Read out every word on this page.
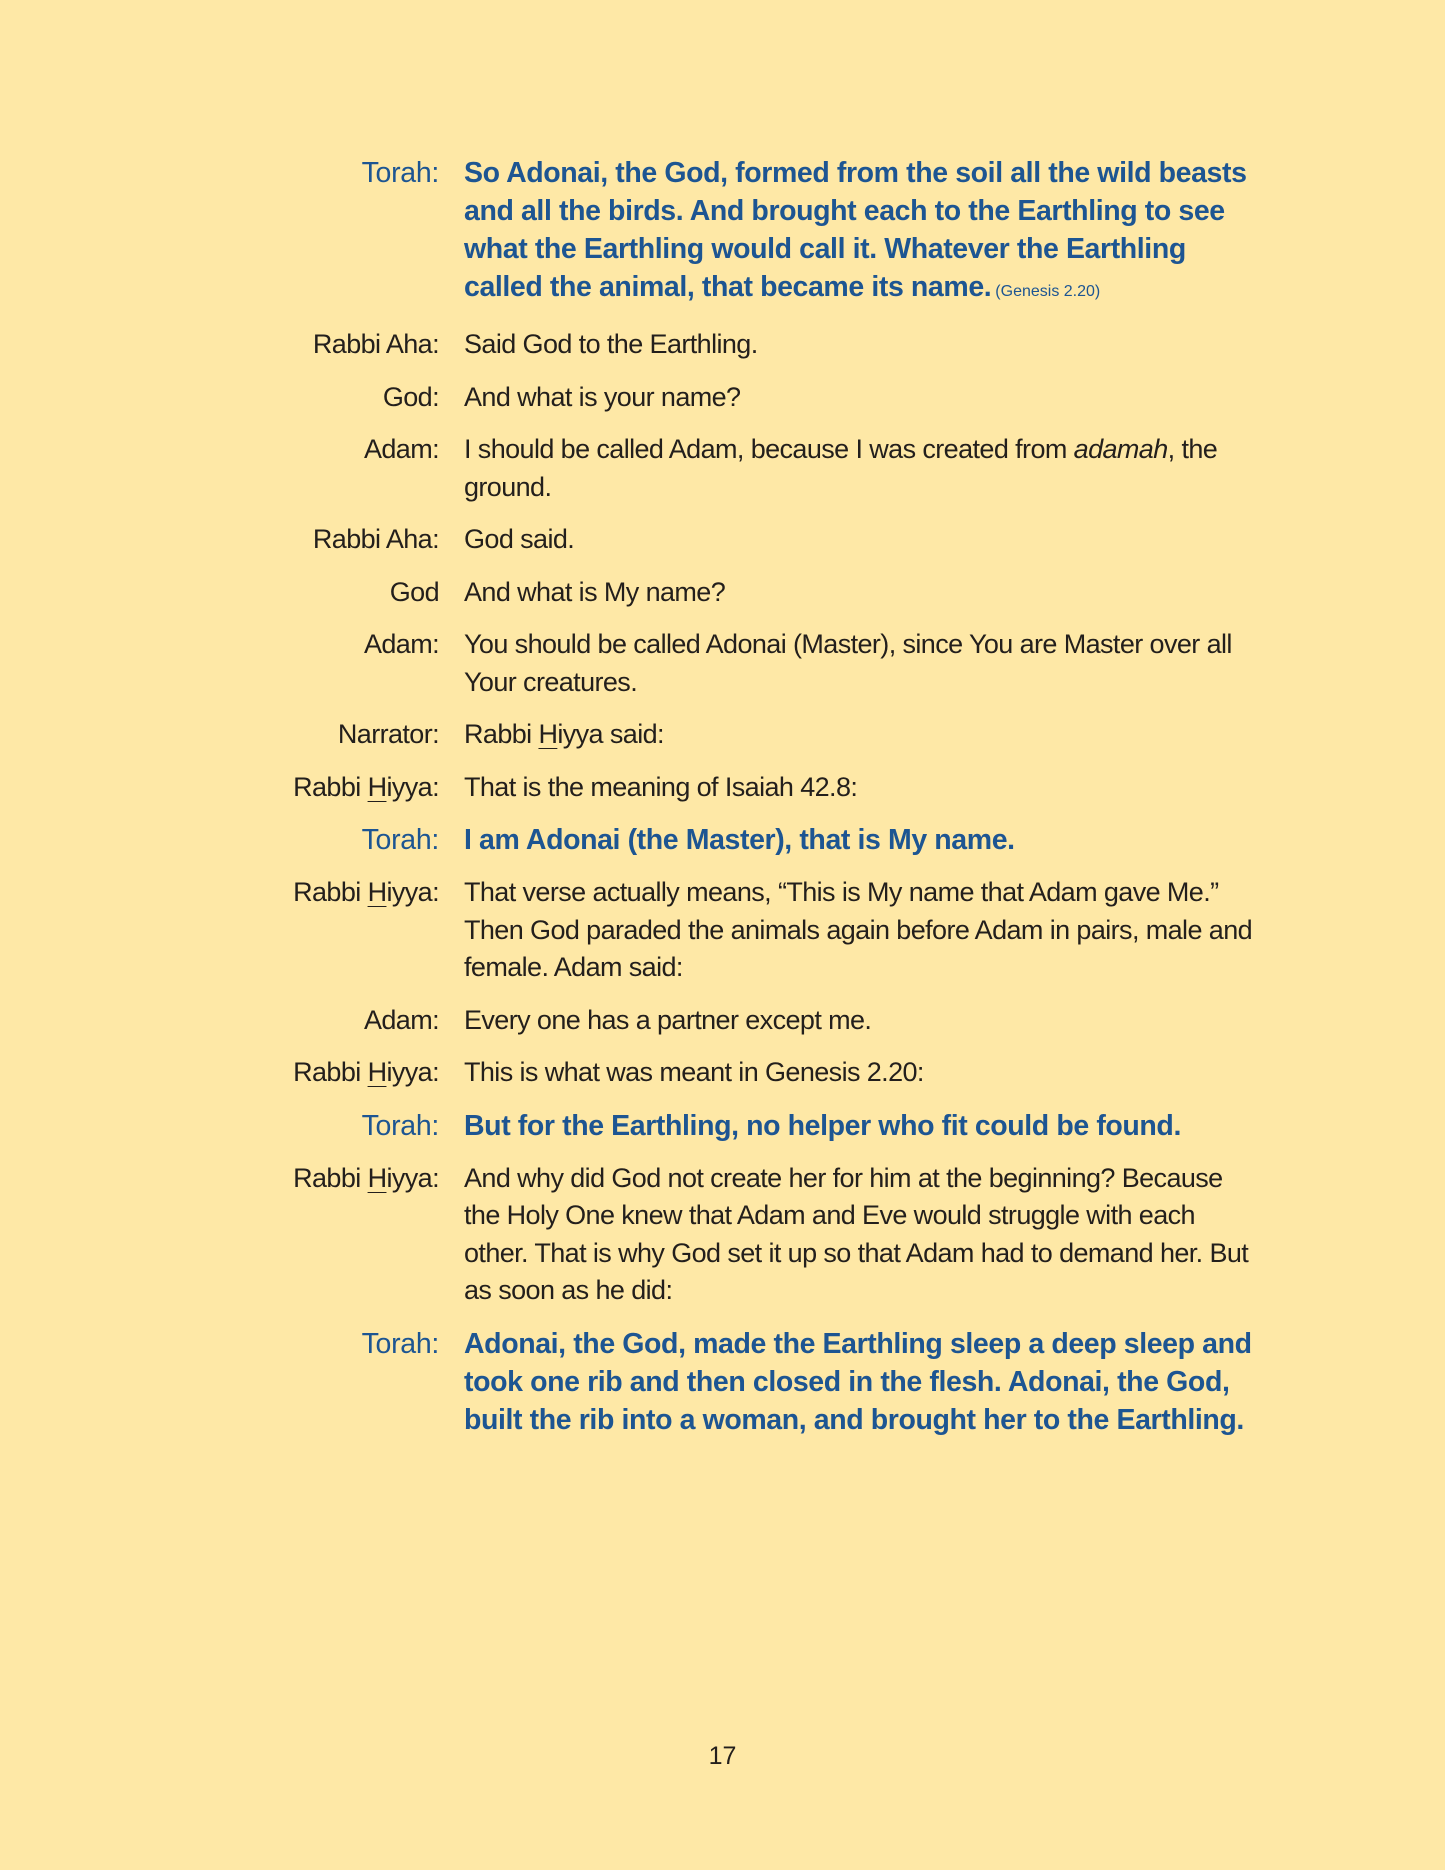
Torah: So Adonai, the God, formed from the soil all the wild beasts and all the birds. And brought each to the Earthling to see what the Earthling would call it. Whatever the Earthling called the animal, that became its name. (Genesis 2.20)
Rabbi Aha: Said God to the Earthling.
God: And what is your name?
Adam: I should be called Adam, because I was created from adamah, the ground.
Rabbi Aha: God said.
God And what is My name?
Adam: You should be called Adonai (Master), since You are Master over all Your creatures.
Narrator: Rabbi Hiyya said:
Rabbi Hiyya: That is the meaning of Isaiah 42.8:
Torah: I am Adonai (the Master), that is My name.
Rabbi Hiyya: That verse actually means, “This is My name that Adam gave Me.” Then God paraded the animals again before Adam in pairs, male and female. Adam said:
Adam: Every one has a partner except me.
Rabbi Hiyya: This is what was meant in Genesis 2.20:
Torah: But for the Earthling, no helper who fit could be found.
Rabbi Hiyya: And why did God not create her for him at the beginning? Because the Holy One knew that Adam and Eve would struggle with each other. That is why God set it up so that Adam had to demand her. But as soon as he did:
Torah: Adonai, the God, made the Earthling sleep a deep sleep and took one rib and then closed in the flesh. Adonai, the God, built the rib into a woman, and brought her to the Earthling.
17
